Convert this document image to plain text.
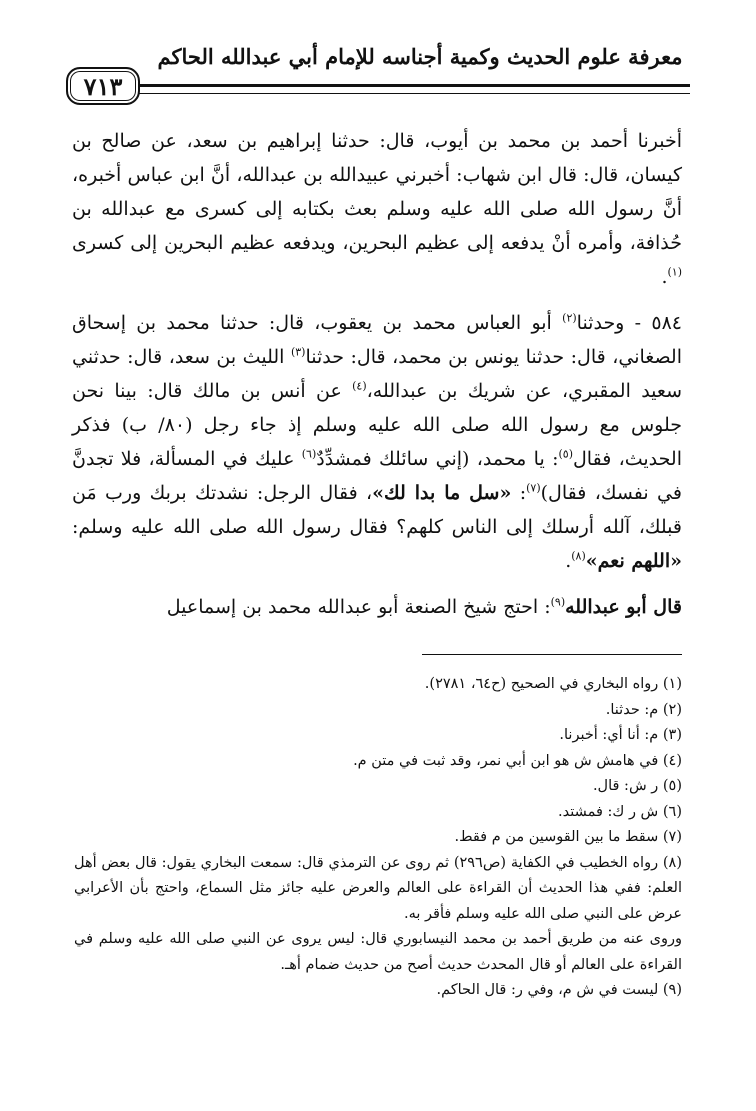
معرفة علوم الحديث وكمية أجناسه للإمام أبي عبدالله الحاكم
٧١٣

أخبرنا أحمد بن محمد بن أيوب، قال: حدثنا إبراهيم بن سعد، عن صالح بن كيسان، قال: قال ابن شهاب: أخبرني عبيدالله بن عبدالله، أنَّ ابن عباس أخبره، أنَّ رسول الله صلى الله عليه وسلم بعث بكتابه إلى كسرى مع عبدالله بن حُذافة، وأمره أنْ يدفعه إلى عظيم البحرين، ويدفعه عظيم البحرين إلى كسرى $^{(١)}$.

٥٨٤ - وحدثنا$^{(٢)}$ أبو العباس محمد بن يعقوب، قال: حدثنا محمد بن إسحاق الصغاني، قال: حدثنا يونس بن محمد، قال: حدثنا$^{(٣)}$ الليث بن سعد، قال: حدثني سعيد المقبري، عن شريك بن عبدالله،$^{(٤)}$ عن أنس بن مالك قال: بينا نحن جلوس مع رسول الله صلى الله عليه وسلم إذ جاء رجل (٨٠/ ب) فذكر الحديث، فقال$^{(٥)}$: يا محمد، (إني سائلك فمشدِّدٌ$^{(٦)}$ عليك في المسألة، فلا تجدنَّ في نفسك، فقال)$^{(٧)}$: «سل ما بدا لك»، فقال الرجل: نشدتك بربك ورب مَن قبلك، آلله أرسلك إلى الناس كلهم؟ فقال رسول الله صلى الله عليه وسلم: «اللهم نعم»$^{(٨)}$.

قال أبو عبدالله$^{(٩)}$: احتج شيخ الصنعة أبو عبدالله محمد بن إسماعيل

(١) رواه البخاري في الصحيح (ح٦٤، ٢٧٨١).

(٢) م: حدثنا.

(٣) م: أنا أي: أخبرنا.

(٤) في هامش ش هو ابن أبي نمر، وقد ثبت في متن م.

(٥) ر ش: قال.

(٦) ش ر ك: فمشتد.

(٧) سقط ما بين القوسين من م فقط.

(٨) رواه الخطيب في الكفاية (ص٢٩٦) ثم روى عن الترمذي قال: سمعت البخاري يقول: قال بعض أهل العلم: ففي هذا الحديث أن القراءة على العالم والعرض عليه جائز مثل السماع، واحتج بأن الأعرابي عرض على النبي صلى الله عليه وسلم فأقر به.

وروى عنه من طريق أحمد بن محمد النيسابوري قال: ليس يروى عن النبي صلى الله عليه وسلم في القراءة على العالم أو قال المحدث حديث أصح من حديث ضمام أهـ.

(٩) ليست في ش م، وفي ر: قال الحاكم.
